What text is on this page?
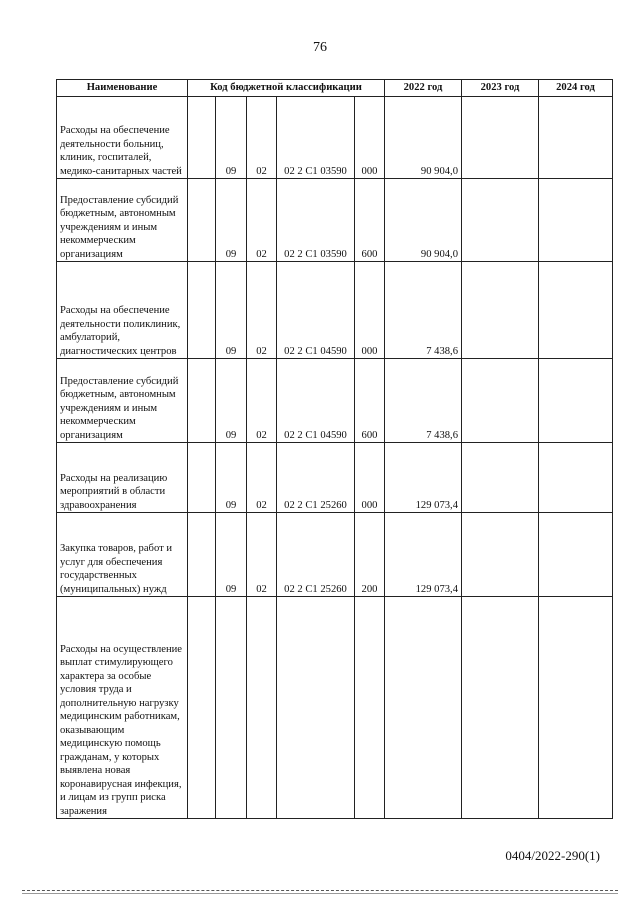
76
Наименование	Код бюджетной классификации					2022 год	2023 год	2024 год
Расходы на обеспечение деятельности больниц, клиник, госпиталей, медико-санитарных частей		09	02	02 2 С1 03590	000	90 904,0		
Предоставление субсидий бюджетным, автономным учреждениям и иным некоммерческим организациям		09	02	02 2 С1 03590	600	90 904,0		
Расходы на обеспечение деятельности поликлиник, амбулаторий, диагностических центров		09	02	02 2 С1 04590	000	7 438,6		
Предоставление субсидий бюджетным, автономным учреждениям и иным некоммерческим организациям		09	02	02 2 С1 04590	600	7 438,6		
Расходы на реализацию мероприятий в области здравоохранения		09	02	02 2 С1 25260	000	129 073,4		
Закупка товаров, работ и услуг для обеспечения государственных (муниципальных) нужд		09	02	02 2 С1 25260	200	129 073,4		
Расходы на осуществление выплат стимулирующего характера за особые условия труда и дополнительную нагрузку медицинским работникам, оказывающим медицинскую помощь гражданам, у которых выявлена новая коронавирусная инфекция, и лицам из групп риска заражения								
0404/2022-290(1)
